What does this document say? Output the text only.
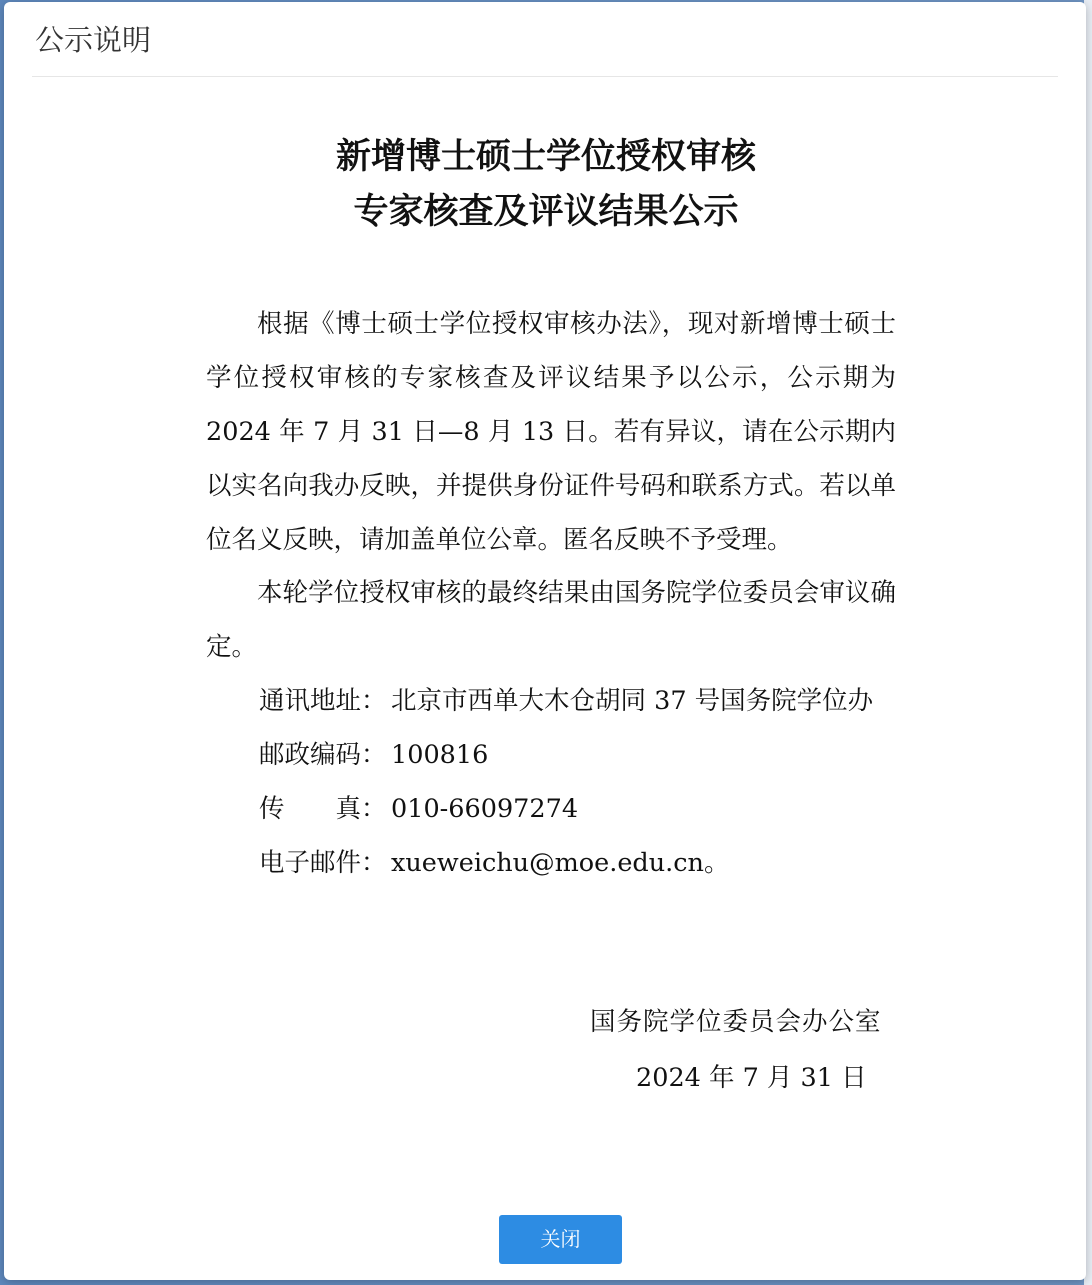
公示说明
新增博士硕士学位授权审核
专家核查及评议结果公示
根据《博士硕士学位授权审核办法》，现对新增博士硕士学位授权审核的专家核查及评议结果予以公示，公示期为2024 年 7 月 31 日—8 月 13 日。若有异议，请在公示期内以实名向我办反映，并提供身份证件号码和联系方式。若以单位名义反映，请加盖单位公章。匿名反映不予受理。
本轮学位授权审核的最终结果由国务院学位委员会审议确定。
通讯地址： 北京市西单大木仓胡同 37 号国务院学位办
邮政编码： 100816
传　　真： 010-66097274
电子邮件： xueweichu@moe.edu.cn。
国务院学位委员会办公室
2024 年 7 月 31 日
关闭
